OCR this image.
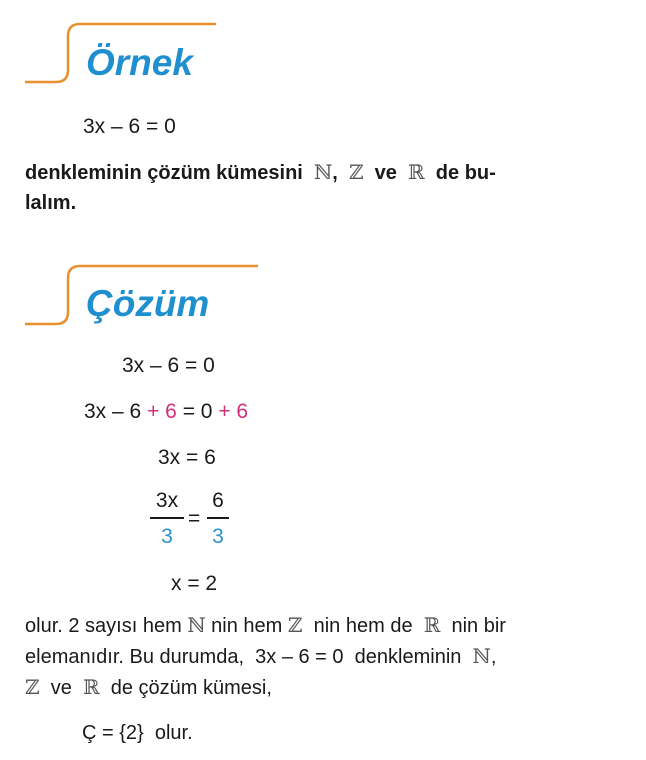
Örnek
3x – 6 = 0
denkleminin çözüm kümesini ℕ, ℤ ve ℝ de bu-
lalım.
Çözüm
3x – 6 = 0
3x – 6 + 6 = 0 + 6
3x = 6
3x
3
=
6
3
x = 2
olur. 2 sayısı hem ℕ nin hem ℤ nin hem de ℝ nin bir
elemanıdır. Bu durumda, 3x – 6 = 0 denkleminin ℕ,
ℤ ve ℝ de çözüm kümesi,
Ç = {2} olur.
